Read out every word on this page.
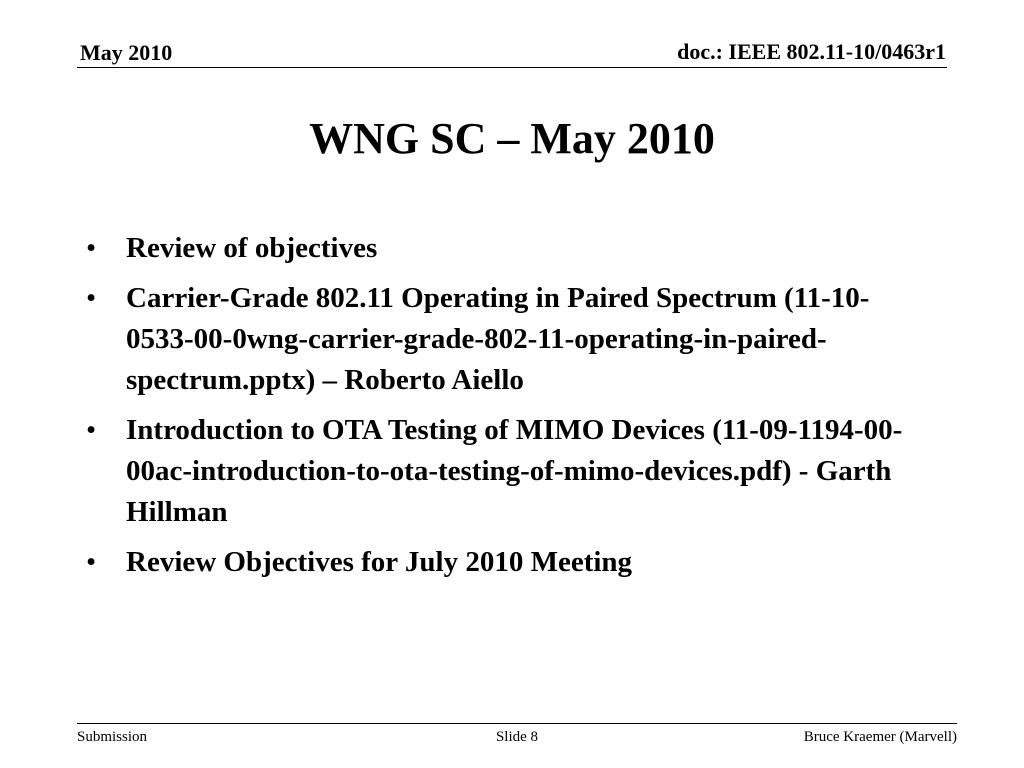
May 2010	doc.: IEEE 802.11-10/0463r1
WNG SC – May 2010
• Review of objectives
• Carrier-Grade 802.11 Operating in Paired Spectrum (11-10-0533-00-0wng-carrier-grade-802-11-operating-in-paired-spectrum.pptx) – Roberto Aiello
• Introduction to OTA Testing of MIMO Devices (11-09-1194-00-00ac-introduction-to-ota-testing-of-mimo-devices.pdf) - Garth Hillman
• Review Objectives for July 2010 Meeting
Submission	Slide 8	Bruce Kraemer (Marvell)
